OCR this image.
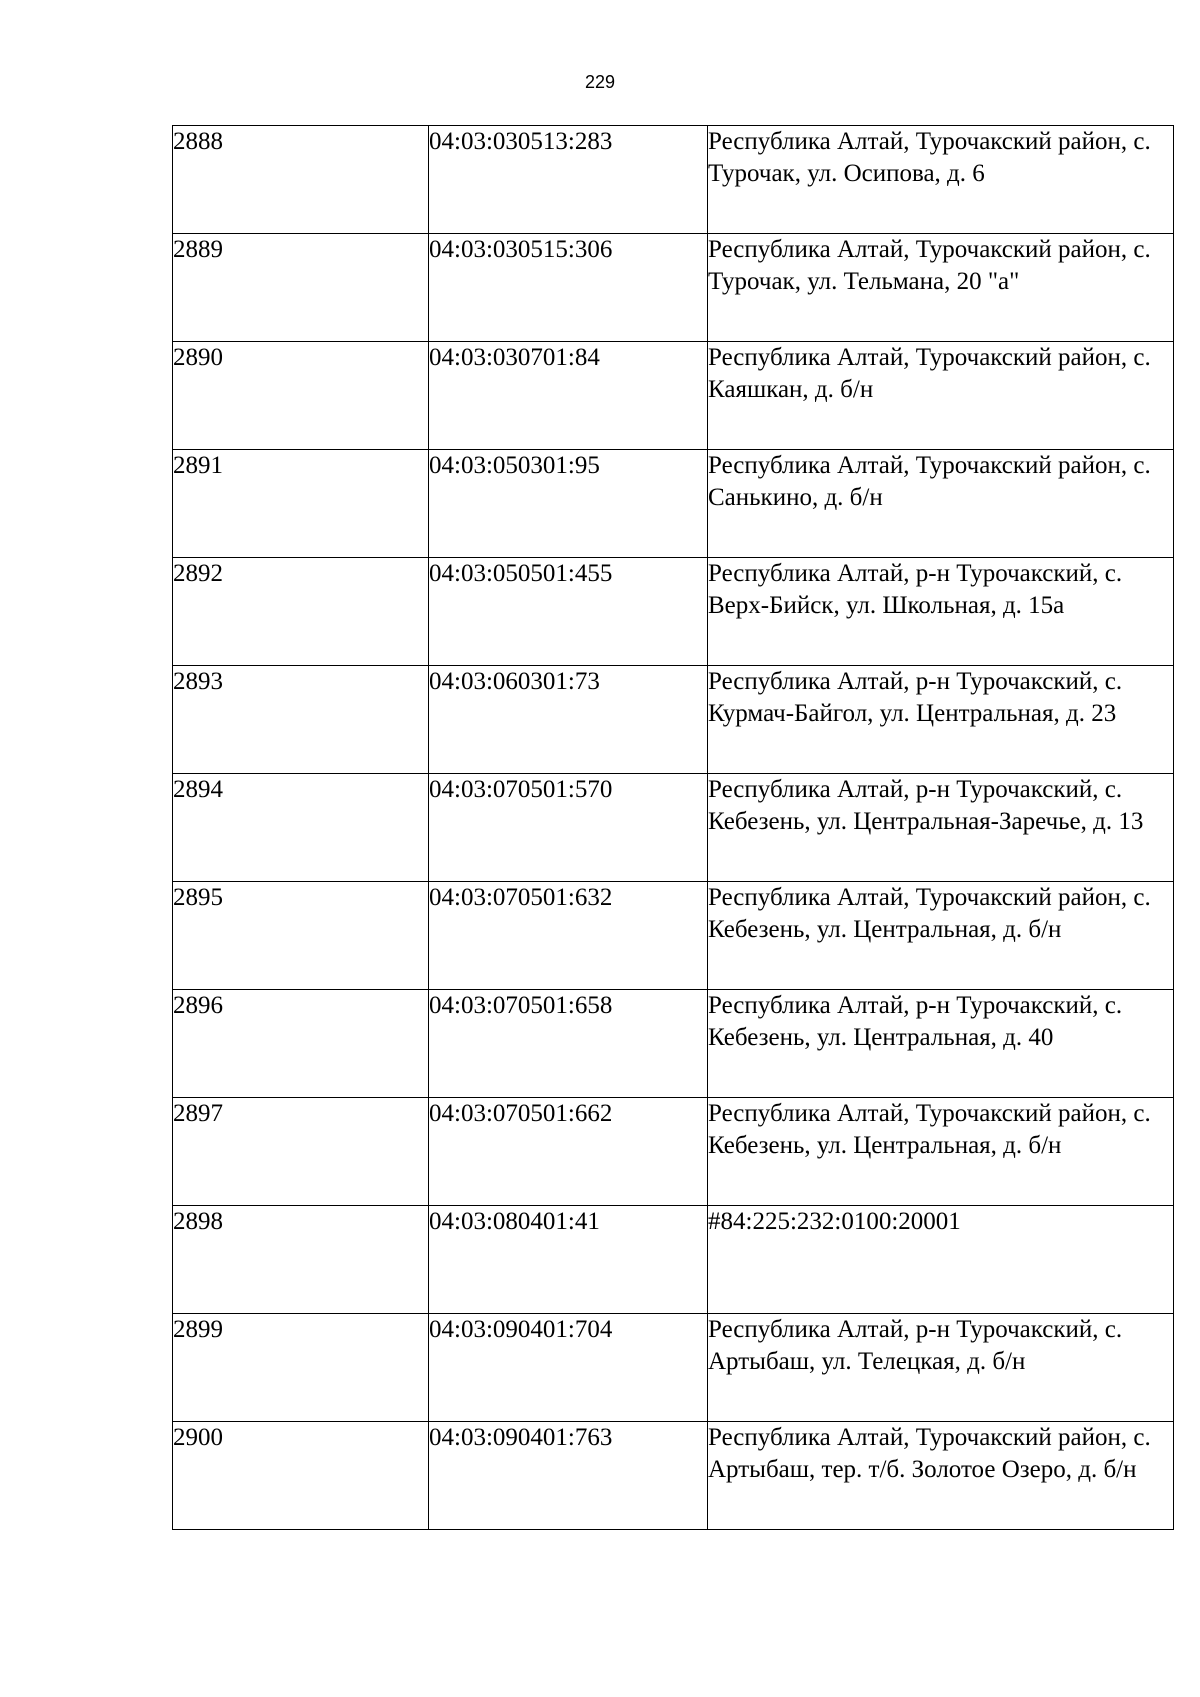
229
2888	04:03:030513:283	Республика Алтай, Турочакский район, с. Турочак, ул. Осипова, д. 6
2889	04:03:030515:306	Республика Алтай, Турочакский район, с. Турочак, ул. Тельмана, 20 "а"
2890	04:03:030701:84	Республика Алтай, Турочакский район, с. Каяшкан, д. б/н
2891	04:03:050301:95	Республика Алтай, Турочакский район, с. Санькино, д. б/н
2892	04:03:050501:455	Республика Алтай, р-н Турочакский, с. Верх-Бийск, ул. Школьная, д. 15а
2893	04:03:060301:73	Республика Алтай, р-н Турочакский, с. Курмач-Байгол, ул. Центральная, д. 23
2894	04:03:070501:570	Республика Алтай, р-н Турочакский, с. Кебезень, ул. Центральная-Заречье, д. 13
2895	04:03:070501:632	Республика Алтай, Турочакский район, с. Кебезень, ул. Центральная, д. б/н
2896	04:03:070501:658	Республика Алтай, р-н Турочакский, с. Кебезень, ул. Центральная, д. 40
2897	04:03:070501:662	Республика Алтай, Турочакский район, с. Кебезень, ул. Центральная, д. б/н
2898	04:03:080401:41	#84:225:232:0100:20001
2899	04:03:090401:704	Республика Алтай, р-н Турочакский, с. Артыбаш, ул. Телецкая, д. б/н
2900	04:03:090401:763	Республика Алтай, Турочакский район, с. Артыбаш, тер. т/б. Золотое Озеро, д. б/н
